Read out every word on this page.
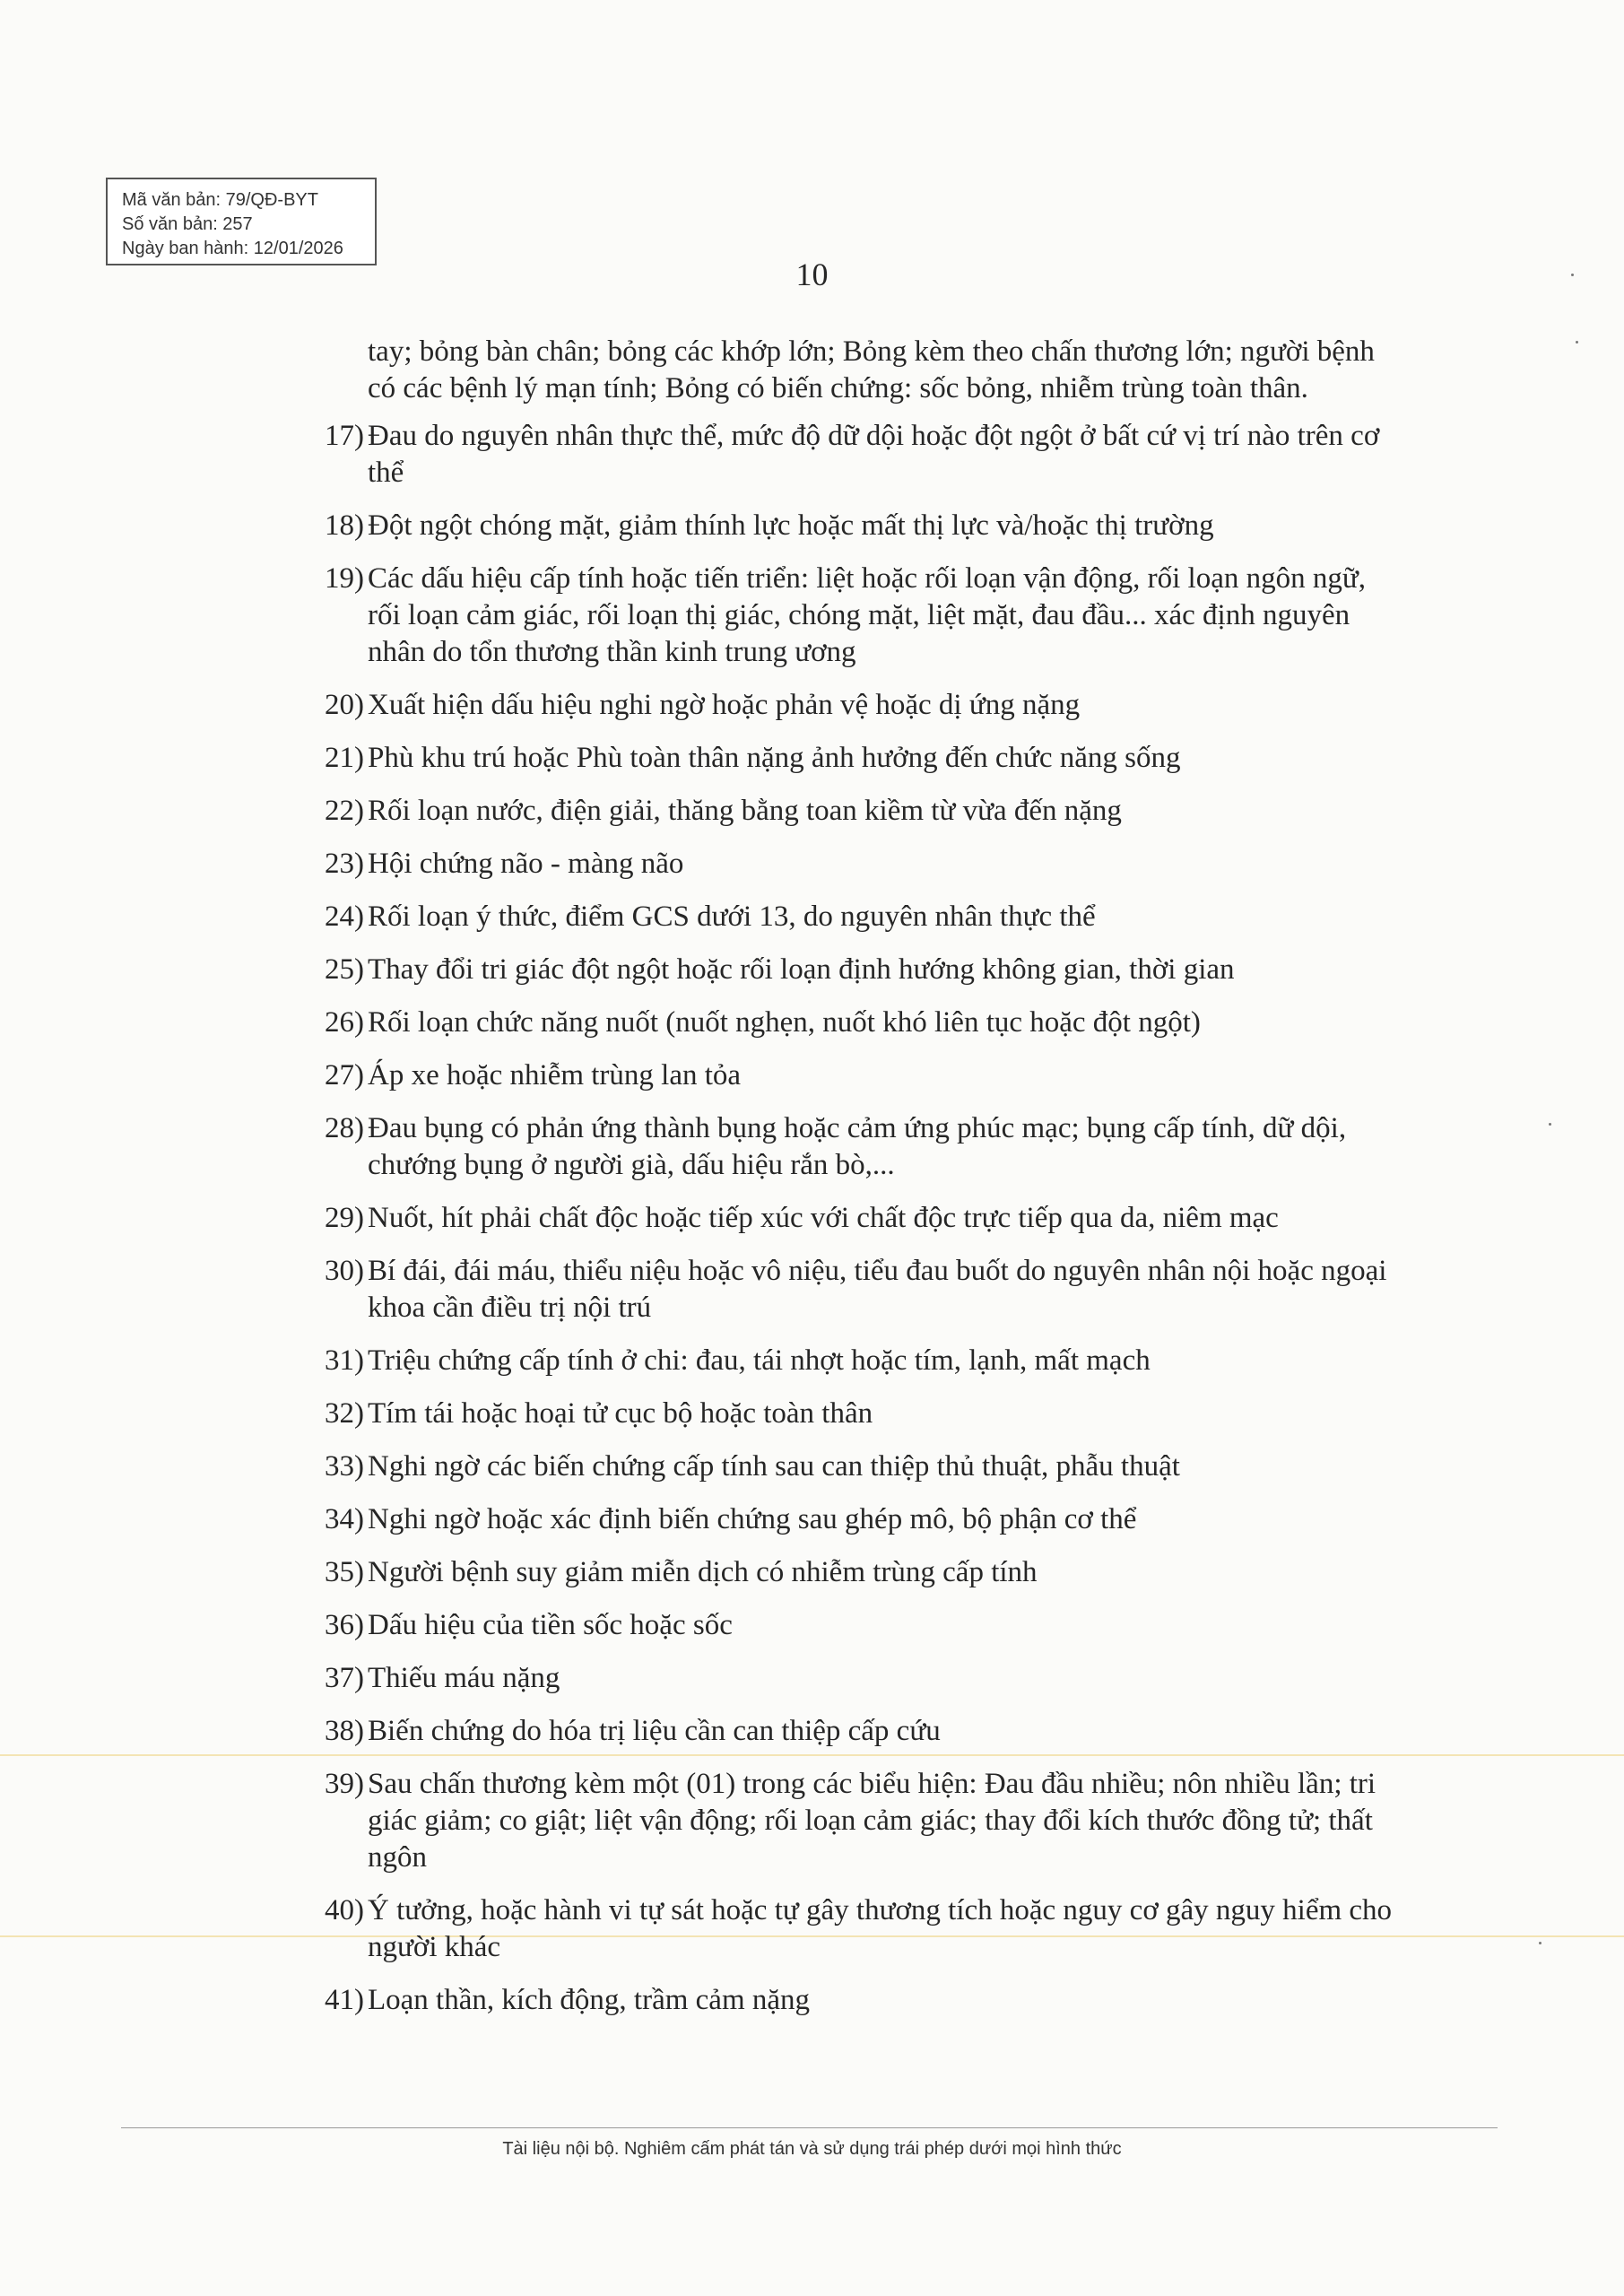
Mã văn bản: 79/QĐ-BYT
Số văn bản: 257
Ngày ban hành: 12/01/2026
10
tay; bỏng bàn chân; bỏng các khớp lớn; Bỏng kèm theo chấn thương lớn; người bệnh có các bệnh lý mạn tính; Bỏng có biến chứng: sốc bỏng, nhiễm trùng toàn thân.
17) Đau do nguyên nhân thực thể, mức độ dữ dội hoặc đột ngột ở bất cứ vị trí nào trên cơ thể
18) Đột ngột chóng mặt, giảm thính lực hoặc mất thị lực và/hoặc thị trường
19) Các dấu hiệu cấp tính hoặc tiến triển: liệt hoặc rối loạn vận động, rối loạn ngôn ngữ, rối loạn cảm giác, rối loạn thị giác, chóng mặt, liệt mặt, đau đầu... xác định nguyên nhân do tổn thương thần kinh trung ương
20) Xuất hiện dấu hiệu nghi ngờ hoặc phản vệ hoặc dị ứng nặng
21) Phù khu trú hoặc Phù toàn thân nặng ảnh hưởng đến chức năng sống
22) Rối loạn nước, điện giải, thăng bằng toan kiềm từ vừa đến nặng
23) Hội chứng não - màng não
24) Rối loạn ý thức, điểm GCS dưới 13, do nguyên nhân thực thể
25) Thay đổi tri giác đột ngột hoặc rối loạn định hướng không gian, thời gian
26) Rối loạn chức năng nuốt (nuốt nghẹn, nuốt khó liên tục hoặc đột ngột)
27) Áp xe hoặc nhiễm trùng lan tỏa
28) Đau bụng có phản ứng thành bụng hoặc cảm ứng phúc mạc; bụng cấp tính, dữ dội, chướng bụng ở người già, dấu hiệu rắn bò,...
29) Nuốt, hít phải chất độc hoặc tiếp xúc với chất độc trực tiếp qua da, niêm mạc
30) Bí đái, đái máu, thiểu niệu hoặc vô niệu, tiểu đau buốt do nguyên nhân nội hoặc ngoại khoa cần điều trị nội trú
31) Triệu chứng cấp tính ở chi: đau, tái nhợt hoặc tím, lạnh, mất mạch
32) Tím tái hoặc hoại tử cục bộ hoặc toàn thân
33) Nghi ngờ các biến chứng cấp tính sau can thiệp thủ thuật, phẫu thuật
34) Nghi ngờ hoặc xác định biến chứng sau ghép mô, bộ phận cơ thể
35) Người bệnh suy giảm miễn dịch có nhiễm trùng cấp tính
36) Dấu hiệu của tiền sốc hoặc sốc
37) Thiếu máu nặng
38) Biến chứng do hóa trị liệu cần can thiệp cấp cứu
39) Sau chấn thương kèm một (01) trong các biểu hiện: Đau đầu nhiều; nôn nhiều lần; tri giác giảm; co giật; liệt vận động; rối loạn cảm giác; thay đổi kích thước đồng tử; thất ngôn
40) Ý tưởng, hoặc hành vi tự sát hoặc tự gây thương tích hoặc nguy cơ gây nguy hiểm cho người khác
41) Loạn thần, kích động, trầm cảm nặng
Tài liệu nội bộ. Nghiêm cấm phát tán và sử dụng trái phép dưới mọi hình thức
